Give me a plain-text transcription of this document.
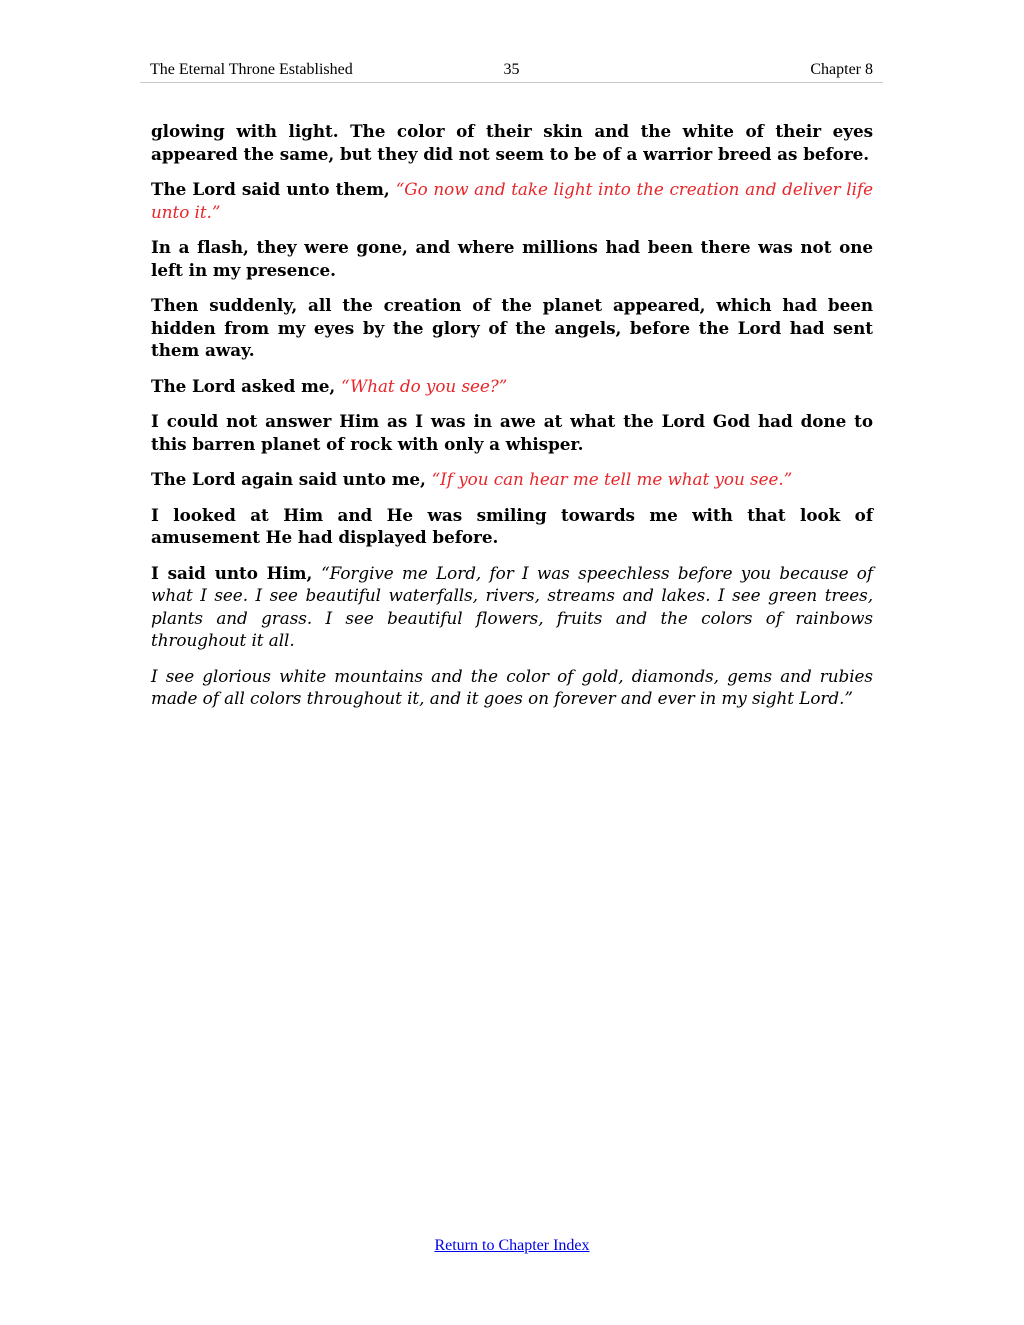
The Eternal Throne Established	35	Chapter 8

glowing with light. The color of their skin and the white of their eyes appeared the same, but they did not seem to be of a warrior breed as before.

The Lord said unto them, “Go now and take light into the creation and deliver life unto it.”

In a flash, they were gone, and where millions had been there was not one left in my presence.

Then suddenly, all the creation of the planet appeared, which had been hidden from my eyes by the glory of the angels, before the Lord had sent them away.

The Lord asked me, “What do you see?”

I could not answer Him as I was in awe at what the Lord God had done to this barren planet of rock with only a whisper.

The Lord again said unto me, “If you can hear me tell me what you see.”

I looked at Him and He was smiling towards me with that look of amusement He had displayed before.

I said unto Him, “Forgive me Lord, for I was speechless before you because of what I see. I see beautiful waterfalls, rivers, streams and lakes. I see green trees, plants and grass. I see beautiful flowers, fruits and the colors of rainbows throughout it all.

I see glorious white mountains and the color of gold, diamonds, gems and rubies made of all colors throughout it, and it goes on forever and ever in my sight Lord.”

Return to Chapter Index
